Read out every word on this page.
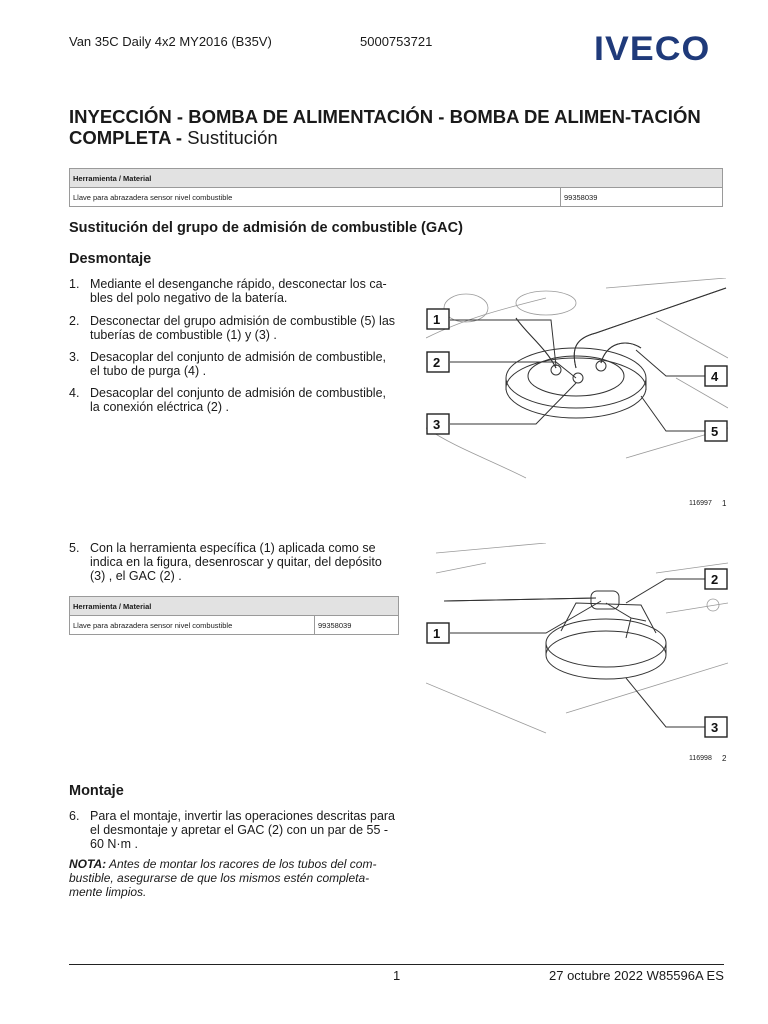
Van 35C Daily 4x2 MY2016 (B35V)	5000753721	IVECO
INYECCIÓN - BOMBA DE ALIMENTACIÓN - BOMBA DE ALIMEN-TACIÓN COMPLETA - Sustitución
Herramienta / Material
Llave para abrazadera sensor nivel combustible	99358039
Sustitución del grupo de admisión de combustible (GAC)
Desmontaje
1. Mediante el desenganche rápido, desconectar los ca-bles del polo negativo de la batería.
2. Desconectar del grupo admisión de combustible (5) las tuberías de combustible (1) y (3) .
3. Desacoplar del conjunto de admisión de combustible, el tubo de purga (4) .
4. Desacoplar del conjunto de admisión de combustible, la conexión eléctrica (2) .
1
2
3
4
5
116997 1
5. Con la herramienta específica (1) aplicada como se indica en la figura, desenroscar y quitar, del depósito (3) , el GAC (2) .
Herramienta / Material
Llave para abrazadera sensor nivel combustible	99358039
1
2
3
116998 2
Montaje
6. Para el montaje, invertir las operaciones descritas para el desmontaje y apretar el GAC (2) con un par de 55 - 60 N·m .
NOTA: Antes de montar los racores de los tubos del com-bustible, asegurarse de que los mismos estén completa-mente limpios.
1	27 octubre 2022 W85596A ES
